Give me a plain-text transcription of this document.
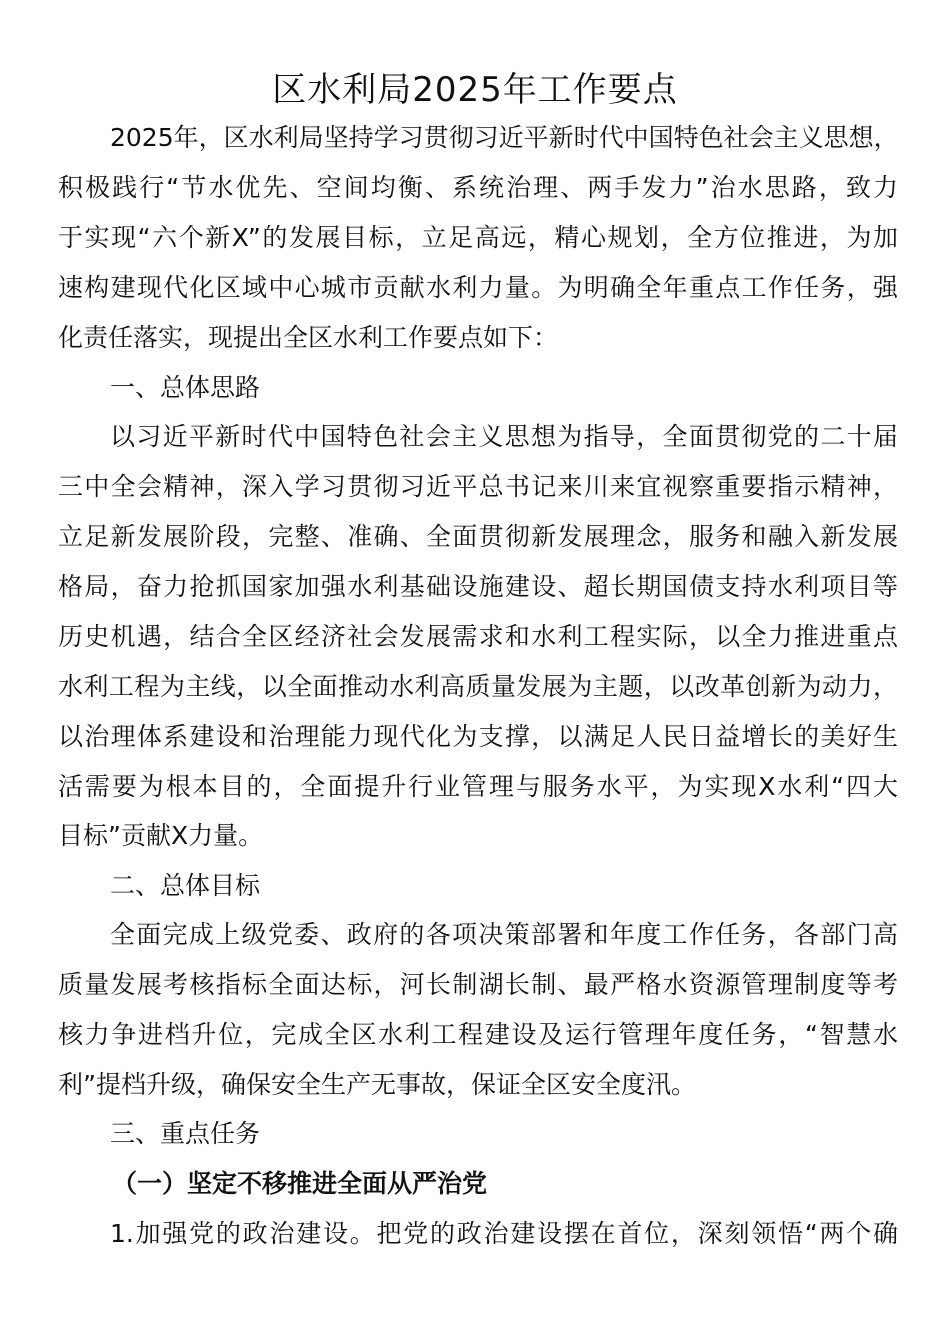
区水利局2025年工作要点
2025年，区水利局坚持学习贯彻习近平新时代中国特色社会主义思想，
积极践行“节水优先、空间均衡、系统治理、两手发力”治水思路，致力
于实现“六个新X”的发展目标，立足高远，精心规划，全方位推进，为加
速构建现代化区域中心城市贡献水利力量。为明确全年重点工作任务，强
化责任落实，现提出全区水利工作要点如下：
一、总体思路
以习近平新时代中国特色社会主义思想为指导，全面贯彻党的二十届
三中全会精神，深入学习贯彻习近平总书记来川来宜视察重要指示精神，
立足新发展阶段，完整、准确、全面贯彻新发展理念，服务和融入新发展
格局，奋力抢抓国家加强水利基础设施建设、超长期国债支持水利项目等
历史机遇，结合全区经济社会发展需求和水利工程实际，以全力推进重点
水利工程为主线，以全面推动水利高质量发展为主题，以改革创新为动力，
以治理体系建设和治理能力现代化为支撑，以满足人民日益增长的美好生
活需要为根本目的，全面提升行业管理与服务水平，为实现X水利“四大
目标”贡献X力量。
二、总体目标
全面完成上级党委、政府的各项决策部署和年度工作任务，各部门高
质量发展考核指标全面达标，河长制湖长制、最严格水资源管理制度等考
核力争进档升位，完成全区水利工程建设及运行管理年度任务，“智慧水
利”提档升级，确保安全生产无事故，保证全区安全度汛。
三、重点任务
（一）坚定不移推进全面从严治党
1.加强党的政治建设。把党的政治建设摆在首位，深刻领悟“两个确
